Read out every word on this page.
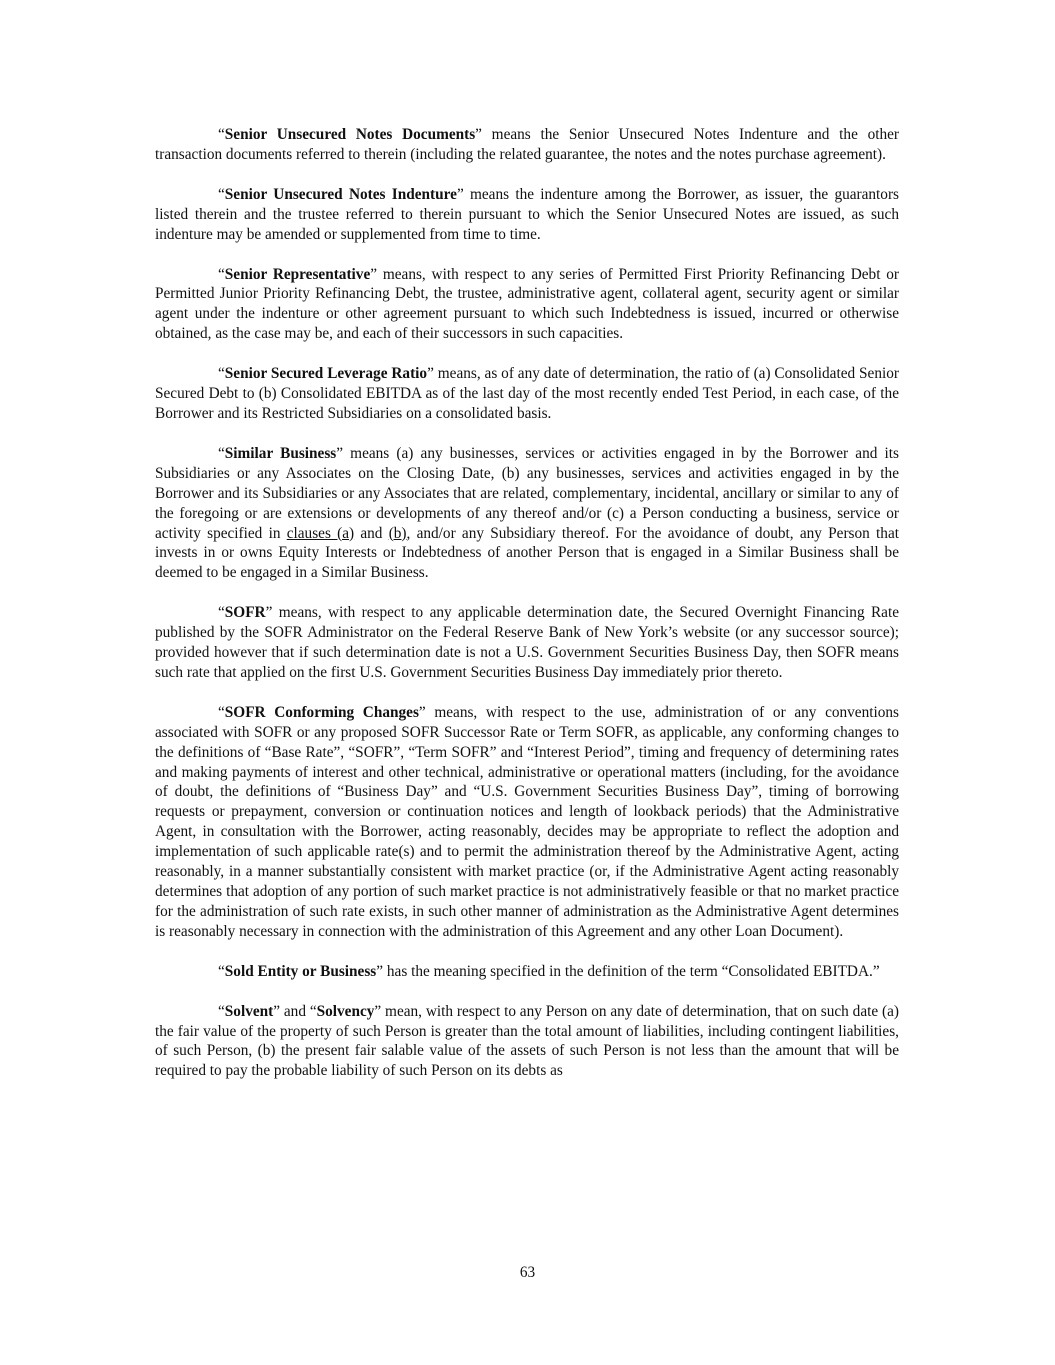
“Senior Unsecured Notes Documents” means the Senior Unsecured Notes Indenture and the other transaction documents referred to therein (including the related guarantee, the notes and the notes purchase agreement).

“Senior Unsecured Notes Indenture” means the indenture among the Borrower, as issuer, the guarantors listed therein and the trustee referred to therein pursuant to which the Senior Unsecured Notes are issued, as such indenture may be amended or supplemented from time to time.

“Senior Representative” means, with respect to any series of Permitted First Priority Refinancing Debt or Permitted Junior Priority Refinancing Debt, the trustee, administrative agent, collateral agent, security agent or similar agent under the indenture or other agreement pursuant to which such Indebtedness is issued, incurred or otherwise obtained, as the case may be, and each of their successors in such capacities.

“Senior Secured Leverage Ratio” means, as of any date of determination, the ratio of (a) Consolidated Senior Secured Debt to (b) Consolidated EBITDA as of the last day of the most recently ended Test Period, in each case, of the Borrower and its Restricted Subsidiaries on a consolidated basis.

“Similar Business” means (a) any businesses, services or activities engaged in by the Borrower and its Subsidiaries or any Associates on the Closing Date, (b) any businesses, services and activities engaged in by the Borrower and its Subsidiaries or any Associates that are related, complementary, incidental, ancillary or similar to any of the foregoing or are extensions or developments of any thereof and/or (c) a Person conducting a business, service or activity specified in clauses (a) and (b), and/or any Subsidiary thereof. For the avoidance of doubt, any Person that invests in or owns Equity Interests or Indebtedness of another Person that is engaged in a Similar Business shall be deemed to be engaged in a Similar Business.

“SOFR” means, with respect to any applicable determination date, the Secured Overnight Financing Rate published by the SOFR Administrator on the Federal Reserve Bank of New York’s website (or any successor source); provided however that if such determination date is not a U.S. Government Securities Business Day, then SOFR means such rate that applied on the first U.S. Government Securities Business Day immediately prior thereto.

“SOFR Conforming Changes” means, with respect to the use, administration of or any conventions associated with SOFR or any proposed SOFR Successor Rate or Term SOFR, as applicable, any conforming changes to the definitions of “Base Rate”, “SOFR”, “Term SOFR” and “Interest Period”, timing and frequency of determining rates and making payments of interest and other technical, administrative or operational matters (including, for the avoidance of doubt, the definitions of “Business Day” and “U.S. Government Securities Business Day”, timing of borrowing requests or prepayment, conversion or continuation notices and length of lookback periods) that the Administrative Agent, in consultation with the Borrower, acting reasonably, decides may be appropriate to reflect the adoption and implementation of such applicable rate(s) and to permit the administration thereof by the Administrative Agent, acting reasonably, in a manner substantially consistent with market practice (or, if the Administrative Agent acting reasonably determines that adoption of any portion of such market practice is not administratively feasible or that no market practice for the administration of such rate exists, in such other manner of administration as the Administrative Agent determines is reasonably necessary in connection with the administration of this Agreement and any other Loan Document).

“Sold Entity or Business” has the meaning specified in the definition of the term “Consolidated EBITDA.”

“Solvent” and “Solvency” mean, with respect to any Person on any date of determination, that on such date (a) the fair value of the property of such Person is greater than the total amount of liabilities, including contingent liabilities, of such Person, (b) the present fair salable value of the assets of such Person is not less than the amount that will be required to pay the probable liability of such Person on its debts as

63
